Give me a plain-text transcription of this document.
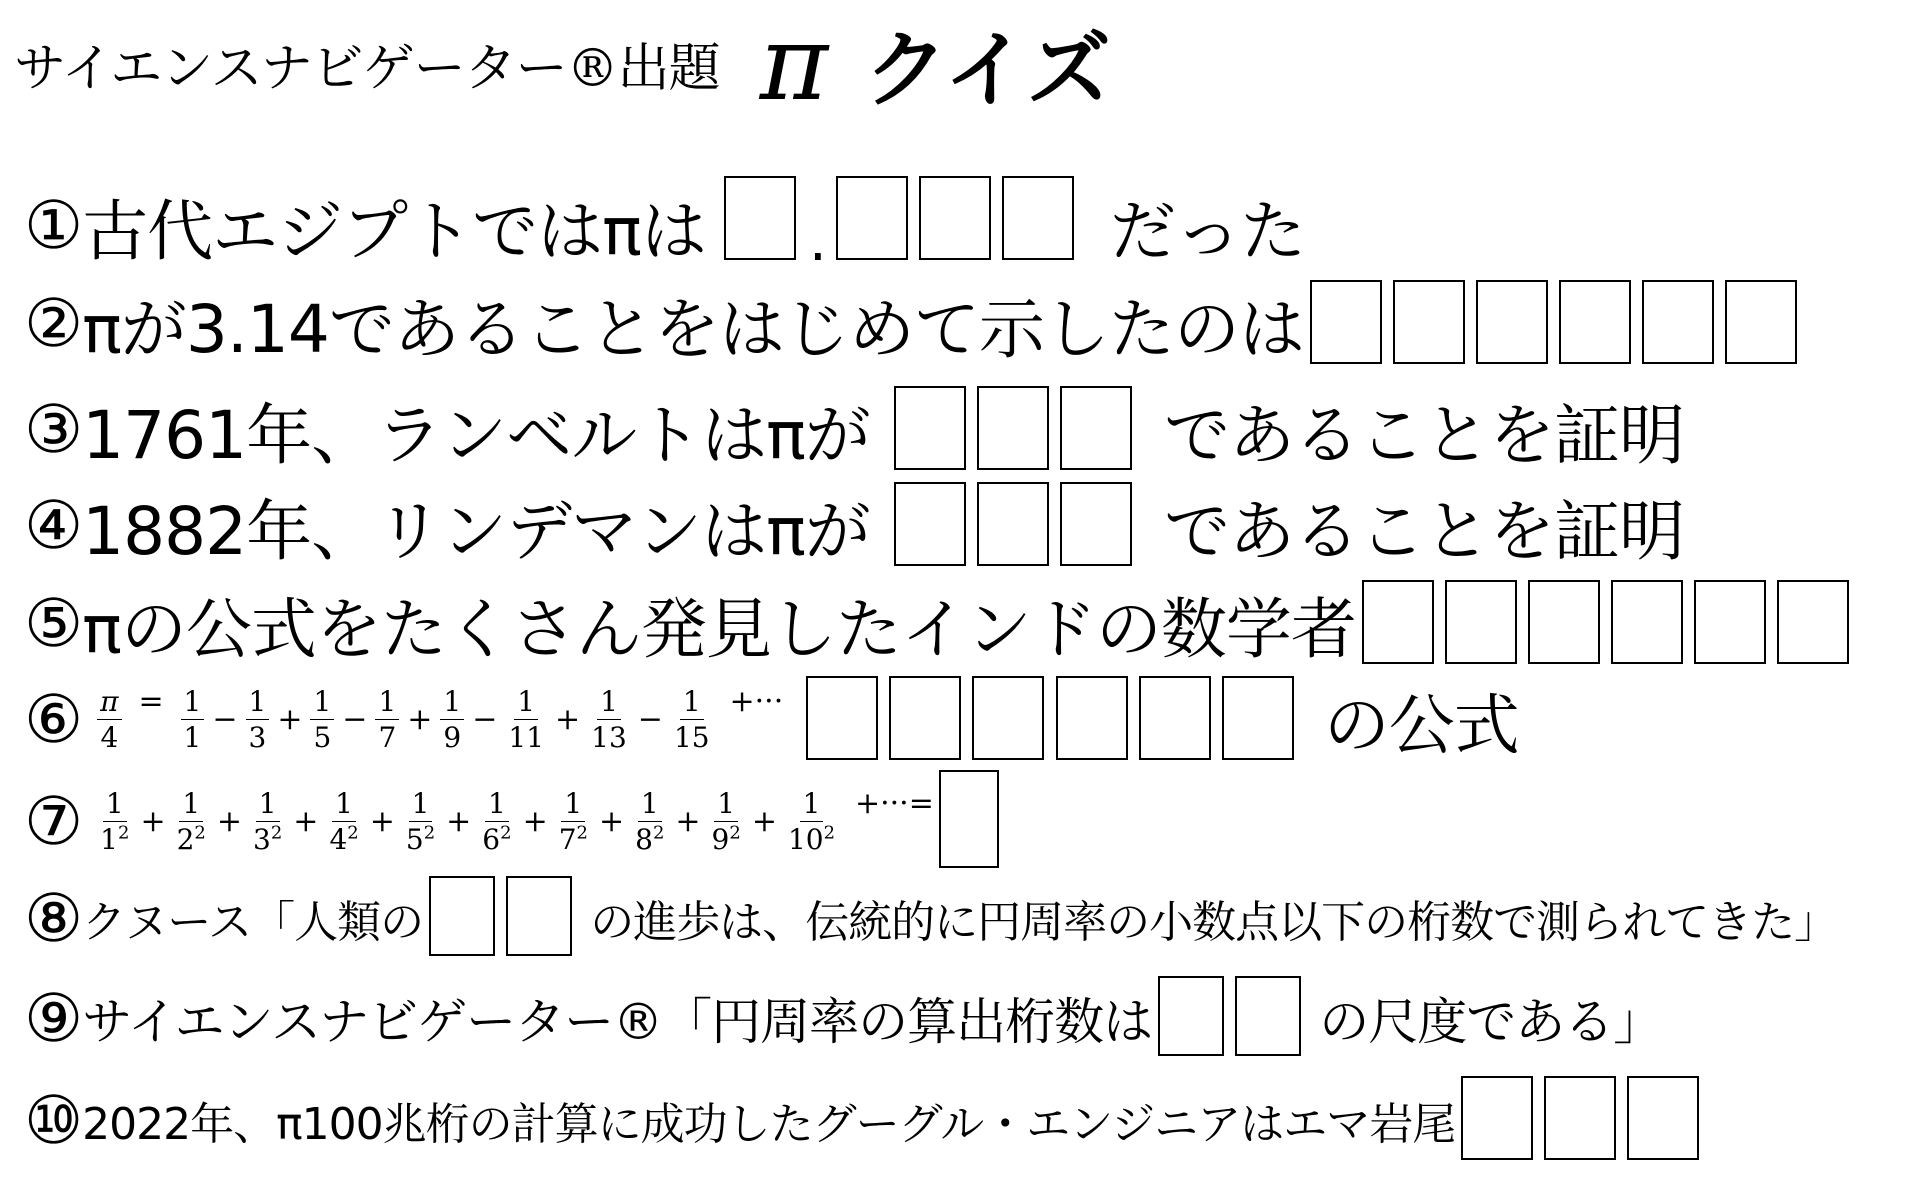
サイエンスナビゲーター®出題 π クイズ
① 古代エジプトではπは	.	だった
② πが3.14であることをはじめて示したのは

③ 1761年、ランベルトはπが
	であることを証明
④ 1882年、リンデマンはπが
	であることを証明
⑤ πの公式をたくさん発見したインドの数学者

⑥ $\frac{\pi}{4} = \frac{1}{1} - \frac{1}{3} + \frac{1}{5} - \frac{1}{7} + \frac{1}{9} - \frac{1}{11} + \frac{1}{13} - \frac{1}{15}$ +···
	の公式
⑦ $\frac{1}{1^2} + \frac{1}{2^2} + \frac{1}{3^2} + \frac{1}{4^2} + \frac{1}{5^2} + \frac{1}{6^2} + \frac{1}{7^2} + \frac{1}{8^2} + \frac{1}{9^2} + \frac{1}{10^2}$ +···=
⑧ クヌース「人類の
	の進歩は、伝統的に円周率の小数点以下の桁数で測られてきた」
⑨ サイエンスナビゲーター®「円周率の算出桁数は
	の尺度である」
⑩ 2022年、π100兆桁の計算に成功したグーグル・エンジニアはエマ岩尾
